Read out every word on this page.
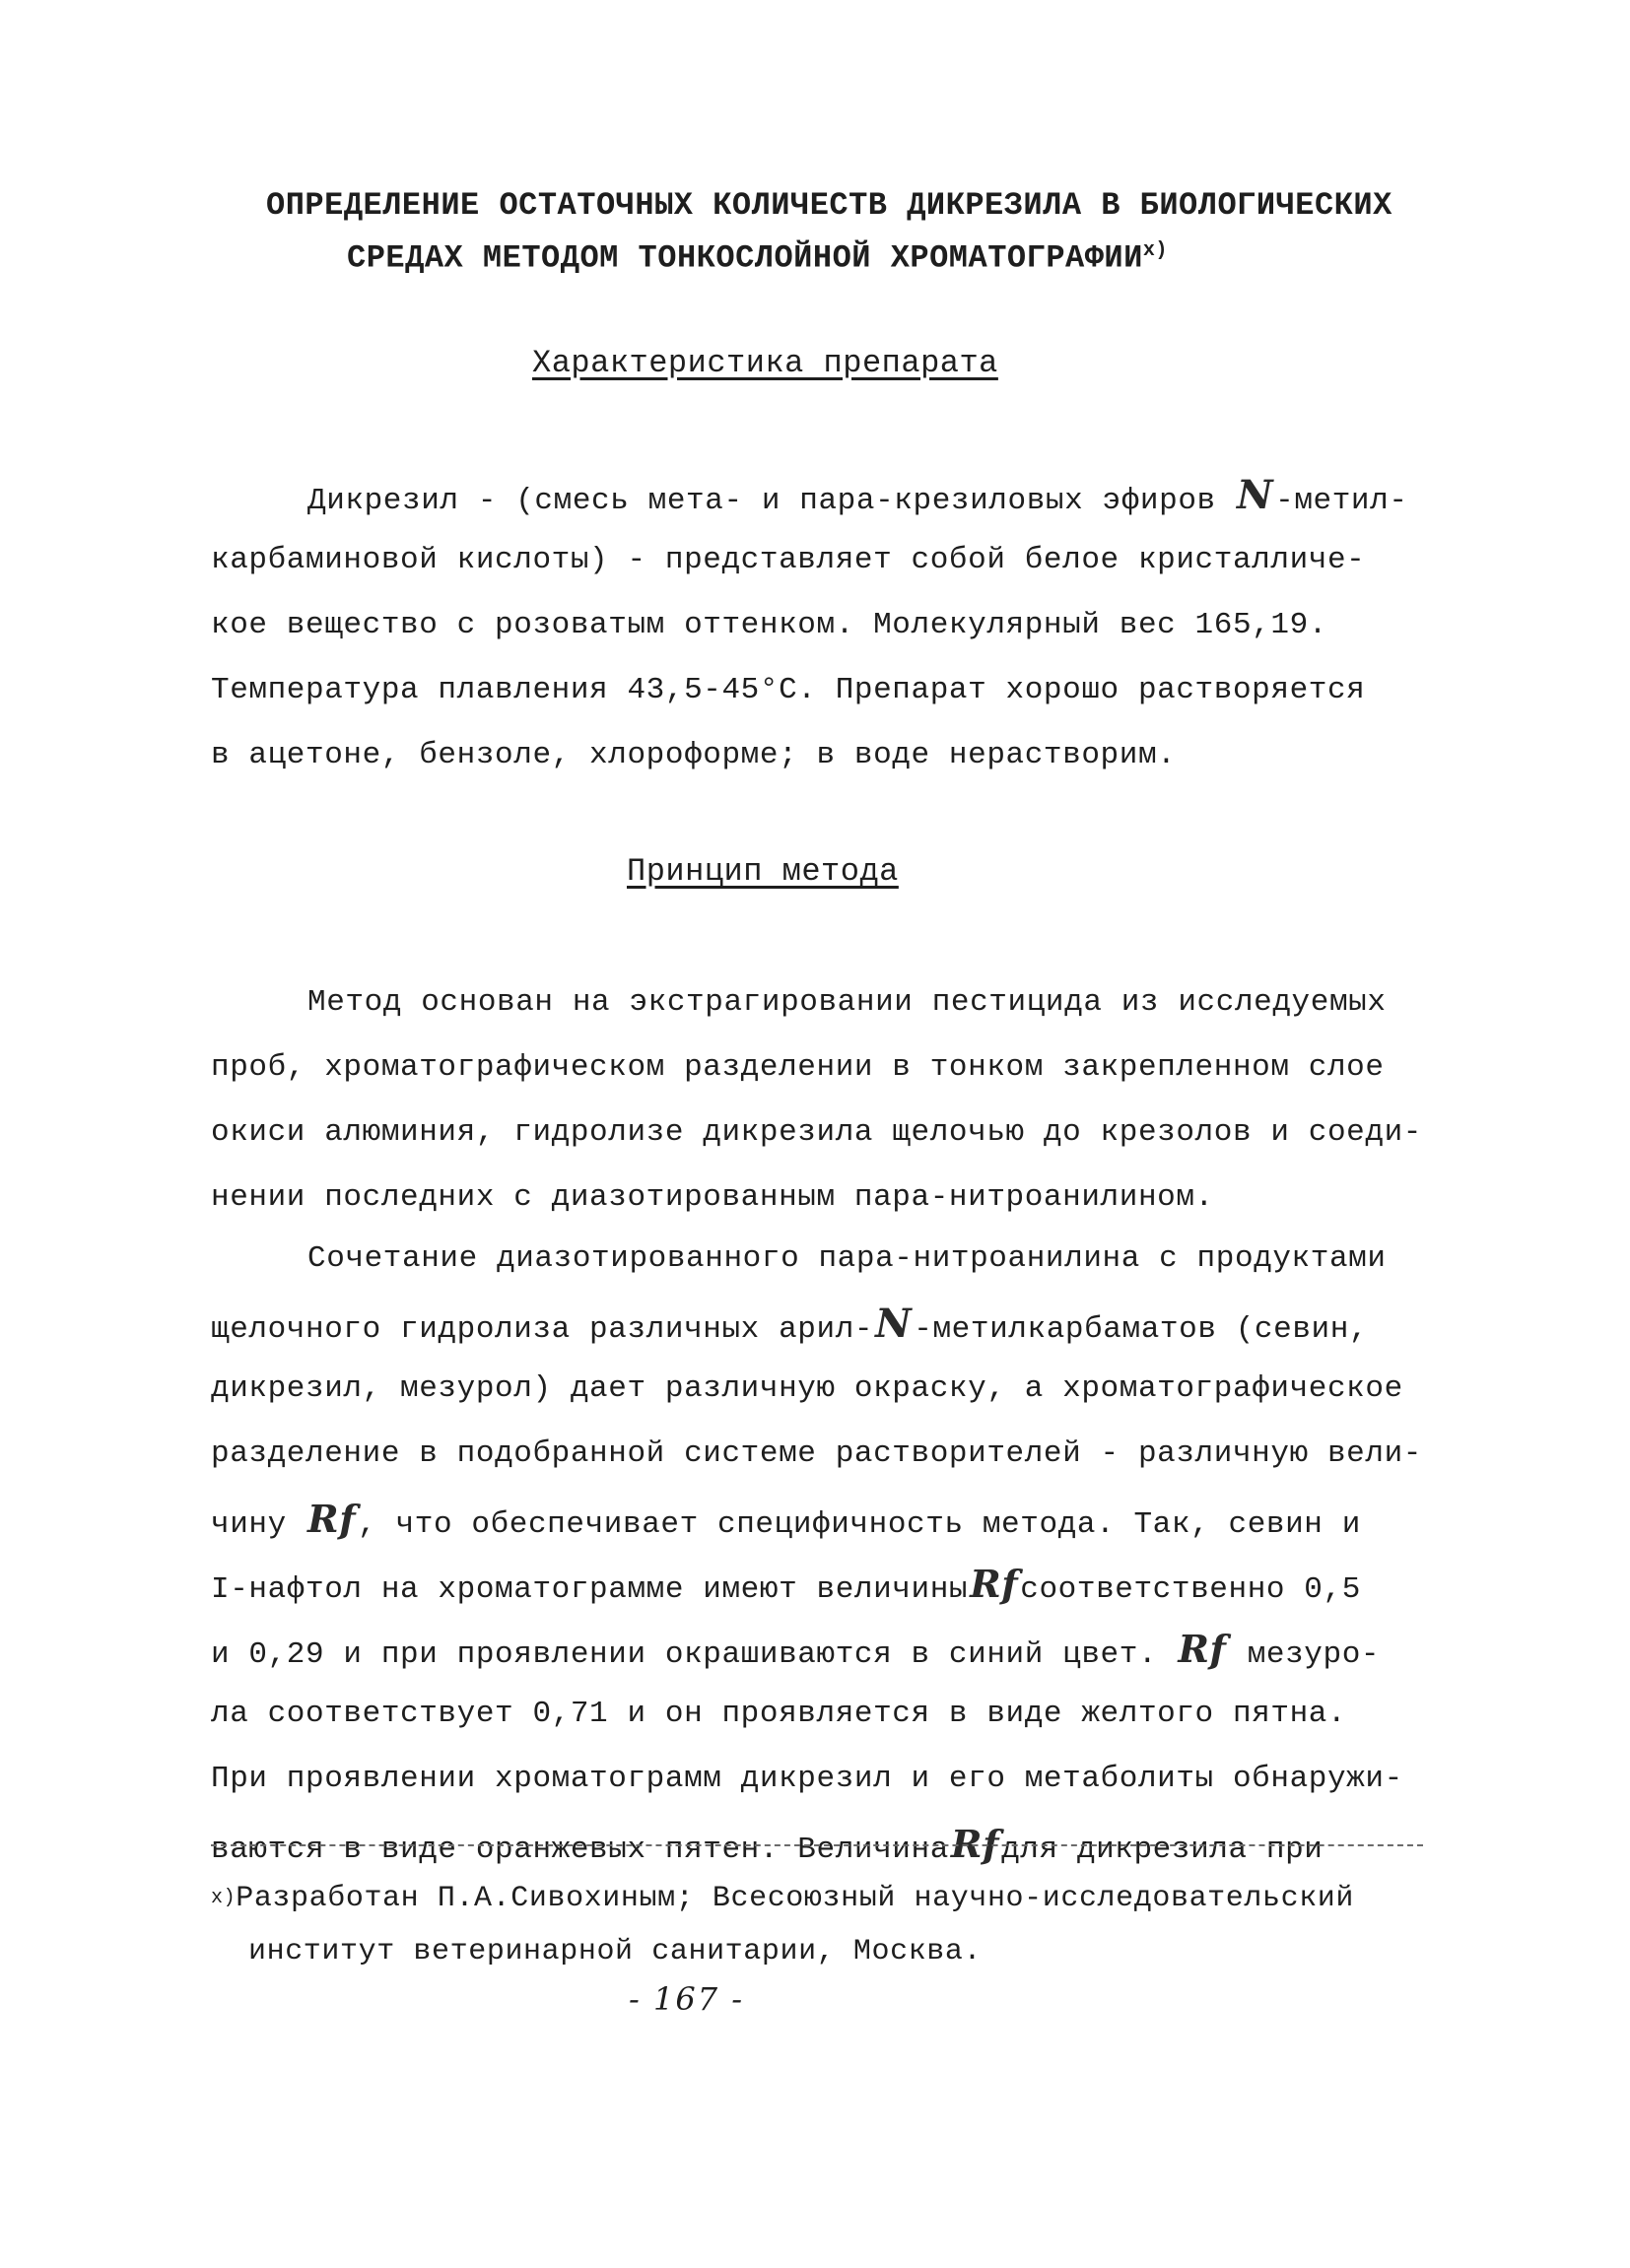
ОПРЕДЕЛЕНИЕ ОСТАТОЧНЫХ КОЛИЧЕСТВ ДИКРЕЗИЛА В БИОЛОГИЧЕСКИХ
СРЕДАХ МЕТОДОМ ТОНКОСЛОЙНОЙ ХРОМАТОГРАФИИ$^{x)}$
Характеристика препарата
Дикрезил - (смесь мета- и пара-крезиловых эфиров N-метил-
карбаминовой кислоты) - представляет собой белое кристалличе-
кое вещество с розоватым оттенком. Молекулярный вес 165,19.
Температура плавления 43,5-45°С. Препарат хорошо растворяется
в ацетоне, бензоле, хлороформе; в воде нерастворим.
Принцип метода
Метод основан на экстрагировании пестицида из исследуемых
проб, хроматографическом разделении в тонком закрепленном слое
окиси алюминия, гидролизе дикрезила щелочью до крезолов и соеди-
нении последних с диазотированным пара-нитроанилином.
Сочетание диазотированного пара-нитроанилина с продуктами
щелочного гидролиза различных арил-N-метилкарбаматов (севин,
дикрезил, мезурол) дает различную окраску, а хроматографическое
разделение в подобранной системе растворителей - различную вели-
чину Rf, что обеспечивает специфичность метода. Так, севин и
I-нафтол на хроматограмме имеют величиныRfсоответственно 0,5
и 0,29 и при проявлении окрашиваются в синий цвет. Rf мезуро-
ла соответствует 0,71 и он проявляется в виде желтого пятна.
При проявлении хроматограмм дикрезил и его метаболиты обнаружи-
ваются в виде оранжевых пятен. ВеличинаRfдля дикрезила при
$^{x)}$Разработан П.А.Сивохиным; Всесоюзный научно-исследовательский
институт ветеринарной санитарии, Москва.
- 167 -
